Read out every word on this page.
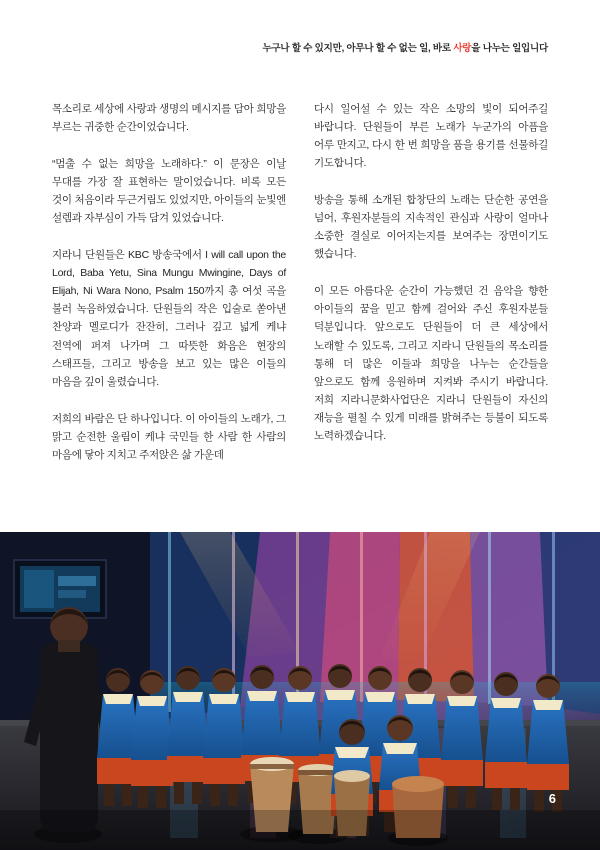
누구나 할 수 있지만, 아무나 할 수 없는 일, 바로 사랑을 나누는 일입니다

목소리로 세상에 사랑과 생명의 메시지를 담아 희망을 부르는 귀중한 순간이었습니다.

“멈출 수 없는 희망을 노래하다.” 이 문장은 이날 무대를 가장 잘 표현하는 말이었습니다. 비록 모든 것이 처음이라 두근거림도 있었지만, 아이들의 눈빛엔 설렘과 자부심이 가득 담겨 있었습니다.

지라니 단원들은 KBC 방송국에서 I will call upon the Lord, Baba Yetu, Sina Mungu Mwingine, Days of Elijah, Ni Wara Nono, Psalm 150까지 총 여섯 곡을 불러 녹음하였습니다. 단원들의 작은 입술로 쏟아낸 찬양과 멜로디가 잔잔히, 그러나 깊고 넓게 케냐 전역에 퍼져 나가며 그 따뜻한 화음은 현장의 스태프들, 그리고 방송을 보고 있는 많은 이들의 마음을 깊이 울렸습니다.

저희의 바람은 단 하나입니다. 이 아이들의 노래가, 그 맑고 순전한 울림이 케냐 국민들 한 사람 한 사람의 마음에 닿아 지치고 주저앉은 삶 가운데

다시 일어설 수 있는 작은 소망의 빛이 되어주길 바랍니다. 단원들이 부른 노래가 누군가의 아픔을 어루 만지고, 다시 한 번 희망을 품을 용기를 선물하길 기도합니다.

방송을 통해 소개된 합창단의 노래는 단순한 공연을 넘어, 후원자분들의 지속적인 관심과 사랑이 얼마나 소중한 결실로 이어지는지를 보여주는 장면이기도 했습니다.

이 모든 아름다운 순간이 가능했던 건 음악을 향한 아이들의 꿈을 믿고 함께 걸어와 주신 후원자분들 덕분입니다. 앞으로도 단원들이 더 큰 세상에서 노래할 수 있도록, 그리고 지라니 단원들의 목소리를 통해 더 많은 이들과 희망을 나누는 순간들을 앞으로도 함께 응원하며 지켜봐 주시기 바랍니다. 저희 지라니문화사업단은 지라니 단원들이 자신의 재능을 펼칠 수 있게 미래를 밝혀주는 등불이 되도록 노력하겠습니다.

6
